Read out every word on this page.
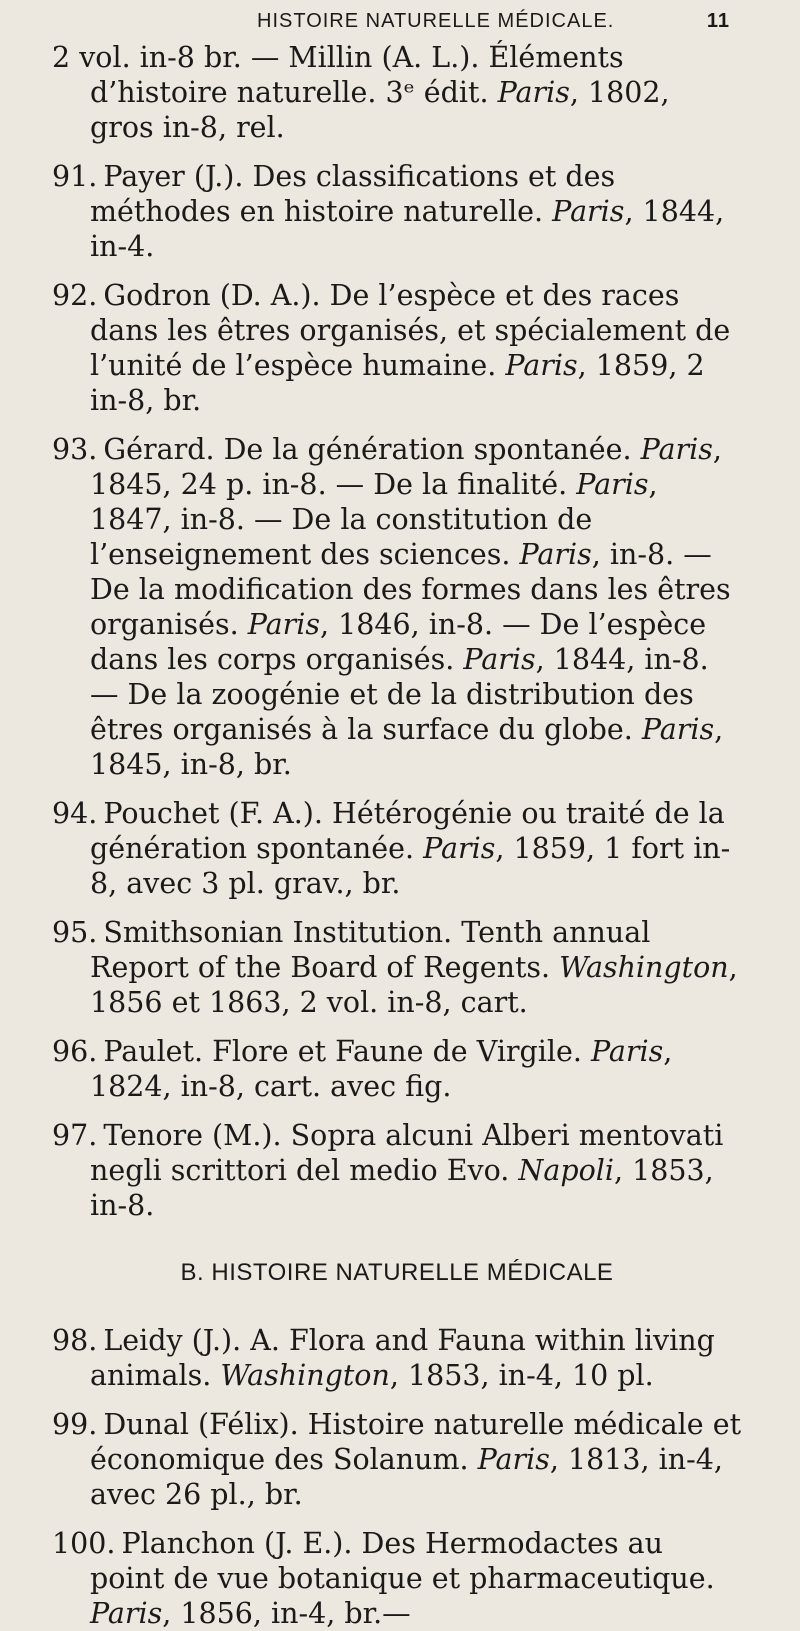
HISTOIRE NATURELLE MÉDICALE.	11

2 vol. in-8 br. — Millin (A. L.). Éléments d’histoire naturelle. 3ᵉ édit. Paris, 1802, gros in-8, rel.

91. Payer (J.). Des classifications et des méthodes en histoire naturelle. Paris, 1844, in-4.

92. Godron (D. A.). De l’espèce et des races dans les êtres organisés, et spécialement de l’unité de l’espèce humaine. Paris, 1859, 2 in-8, br.

93. Gérard. De la génération spontanée. Paris, 1845, 24 p. in-8. — De la finalité. Paris, 1847, in-8. — De la constitution de l’enseignement des sciences. Paris, in-8. — De la modification des formes dans les êtres organisés. Paris, 1846, in-8. — De l’espèce dans les corps organisés. Paris, 1844, in-8. — De la zoogénie et de la distribution des êtres organisés à la surface du globe. Paris, 1845, in-8, br.

94. Pouchet (F. A.). Hétérogénie ou traité de la génération spontanée. Paris, 1859, 1 fort in-8, avec 3 pl. grav., br.

95. Smithsonian Institution. Tenth annual Report of the Board of Regents. Washington, 1856 et 1863, 2 vol. in-8, cart.

96. Paulet. Flore et Faune de Virgile. Paris, 1824, in-8, cart. avec fig.

97. Tenore (M.). Sopra alcuni Alberi mentovati negli scrittori del medio Evo. Napoli, 1853, in-8.

B. HISTOIRE NATURELLE MÉDICALE

98. Leidy (J.). A. Flora and Fauna within living animals. Washington, 1853, in-4, 10 pl.

99. Dunal (Félix). Histoire naturelle médicale et économique des Solanum. Paris, 1813, in-4, avec 26 pl., br.

100. Planchon (J. E.). Des Hermodactes au point de vue botanique et pharmaceutique. Paris, 1856, in-4, br.—
